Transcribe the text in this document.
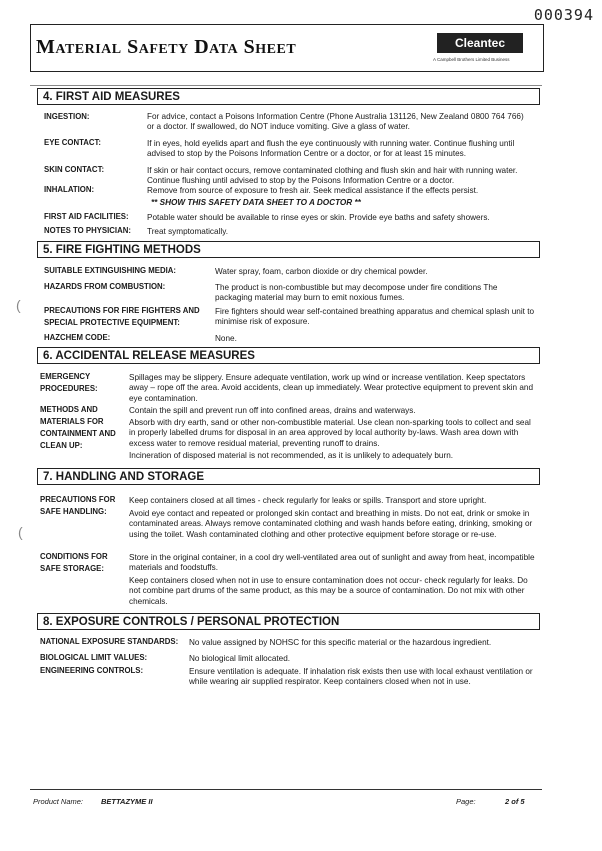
000394
Material Safety Data Sheet	Cleantec
A Campbell Brothers Limited Business
4. FIRST AID MEASURES
INGESTION:	For advice, contact a Poisons Information Centre (Phone Australia 131126, New Zealand 0800 764 766) or a doctor. If swallowed, do NOT induce vomiting. Give a glass of water.
EYE CONTACT:	If in eyes, hold eyelids apart and flush the eye continuously with running water. Continue flushing until advised to stop by the Poisons Information Centre or a doctor, or for at least 15 minutes.
SKIN CONTACT:	If skin or hair contact occurs, remove contaminated clothing and flush skin and hair with running water. Continue flushing until advised to stop by the Poisons Information Centre or a doctor.
INHALATION:	Remove from source of exposure to fresh air. Seek medical assistance if the effects persist.
** SHOW THIS SAFETY DATA SHEET TO A DOCTOR **
FIRST AID FACILITIES: Potable water should be available to rinse eyes or skin. Provide eye baths and safety showers.
NOTES TO PHYSICIAN: Treat symptomatically.
5. FIRE FIGHTING METHODS
SUITABLE EXTINGUISHING MEDIA:	Water spray, foam, carbon dioxide or dry chemical powder.
HAZARDS FROM COMBUSTION:	The product is non-combustible but may decompose under fire conditions The packaging material may burn to emit noxious fumes.
PRECAUTIONS FOR FIRE FIGHTERS AND
SPECIAL PROTECTIVE EQUIPMENT:
Fire fighters should wear self-contained breathing apparatus and chemical splash unit to minimise risk of exposure.
HAZCHEM CODE:	None.
(
6. ACCIDENTAL RELEASE MEASURES
EMERGENCY
PROCEDURES:
Spillages may be slippery. Ensure adequate ventilation, work up wind or increase ventilation. Keep spectators away – rope off the area. Avoid accidents, clean up immediately. Wear protective equipment to prevent skin and eye contamination.
METHODS AND
MATERIALS FOR
CONTAINMENT AND
CLEAN UP:
Contain the spill and prevent run off into confined areas, drains and waterways.
Absorb with dry earth, sand or other non-combustible material. Use clean non-sparking tools to collect and seal in properly labelled drums for disposal in an area approved by local authority by-laws. Wash area down with excess water to remove residual material, preventing runoff to drains.
Incineration of disposed material is not recommended, as it is unlikely to adequately burn.
7. HANDLING AND STORAGE
PRECAUTIONS FOR
SAFE HANDLING:
Keep containers closed at all times - check regularly for leaks or spills. Transport and store upright.
Avoid eye contact and repeated or prolonged skin contact and breathing in mists. Do not eat, drink or smoke in contaminated areas. Always remove contaminated clothing and wash hands before eating, drinking, smoking or using the toilet. Wash contaminated clothing and other protective equipment before storage or re-use.
CONDITIONS FOR
SAFE STORAGE:
Store in the original container, in a cool dry well-ventilated area out of sunlight and away from heat, incompatible materials and foodstuffs.
Keep containers closed when not in use to ensure contamination does not occur- check regularly for leaks. Do not combine part drums of the same product, as this may be a source of contamination. Do not mix with other chemicals.
(
8. EXPOSURE CONTROLS / PERSONAL PROTECTION
NATIONAL EXPOSURE STANDARDS: No value assigned by NOHSC for this specific material or the hazardous ingredient.
BIOLOGICAL LIMIT VALUES:	No biological limit allocated.
ENGINEERING CONTROLS:	Ensure ventilation is adequate. If inhalation risk exists then use with local exhaust ventilation or while wearing air supplied respirator. Keep containers closed when not in use.
Product Name: BETTAZYME II	Page:	2 of 5
